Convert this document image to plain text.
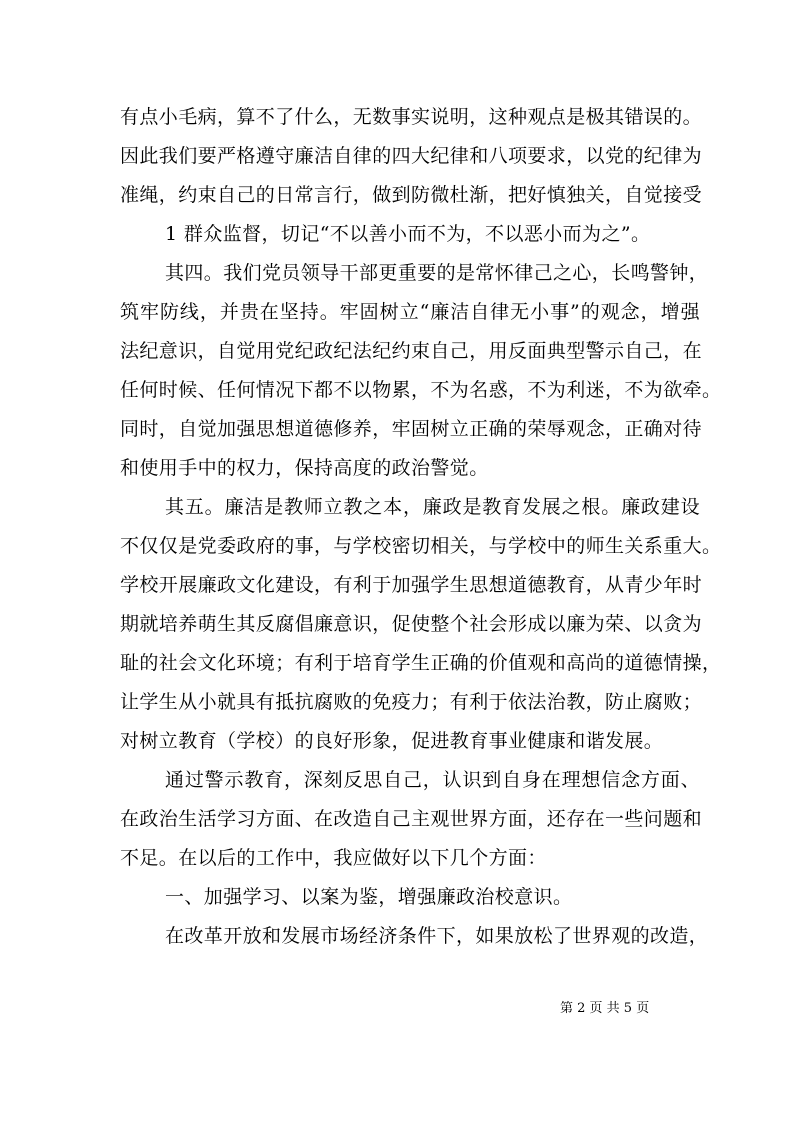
有点小毛病，算不了什么，无数事实说明，这种观点是极其错误的。
因此我们要严格遵守廉洁自律的四大纪律和八项要求，以党的纪律为
准绳，约束自己的日常言行，做到防微杜渐，把好慎独关，自觉接受
1 群众监督，切记“不以善小而不为，不以恶小而为之”。
其四。我们党员领导干部更重要的是常怀律己之心，长鸣警钟，
筑牢防线，并贵在坚持。牢固树立“廉洁自律无小事”的观念，增强
法纪意识，自觉用党纪政纪法纪约束自己，用反面典型警示自己，在
任何时候、任何情况下都不以物累，不为名惑，不为利迷，不为欲牵。
同时，自觉加强思想道德修养，牢固树立正确的荣辱观念，正确对待
和使用手中的权力，保持高度的政治警觉。
其五。廉洁是教师立教之本，廉政是教育发展之根。廉政建设
不仅仅是党委政府的事，与学校密切相关，与学校中的师生关系重大。
学校开展廉政文化建设，有利于加强学生思想道德教育，从青少年时
期就培养萌生其反腐倡廉意识，促使整个社会形成以廉为荣、以贪为
耻的社会文化环境；有利于培育学生正确的价值观和高尚的道德情操，
让学生从小就具有抵抗腐败的免疫力；有利于依法治教，防止腐败；
对树立教育（学校）的良好形象，促进教育事业健康和谐发展。
通过警示教育，深刻反思自己，认识到自身在理想信念方面、
在政治生活学习方面、在改造自己主观世界方面，还存在一些问题和
不足。在以后的工作中，我应做好以下几个方面：
一、加强学习、以案为鉴，增强廉政治校意识。
在改革开放和发展市场经济条件下，如果放松了世界观的改造，
第 2 页 共 5 页
